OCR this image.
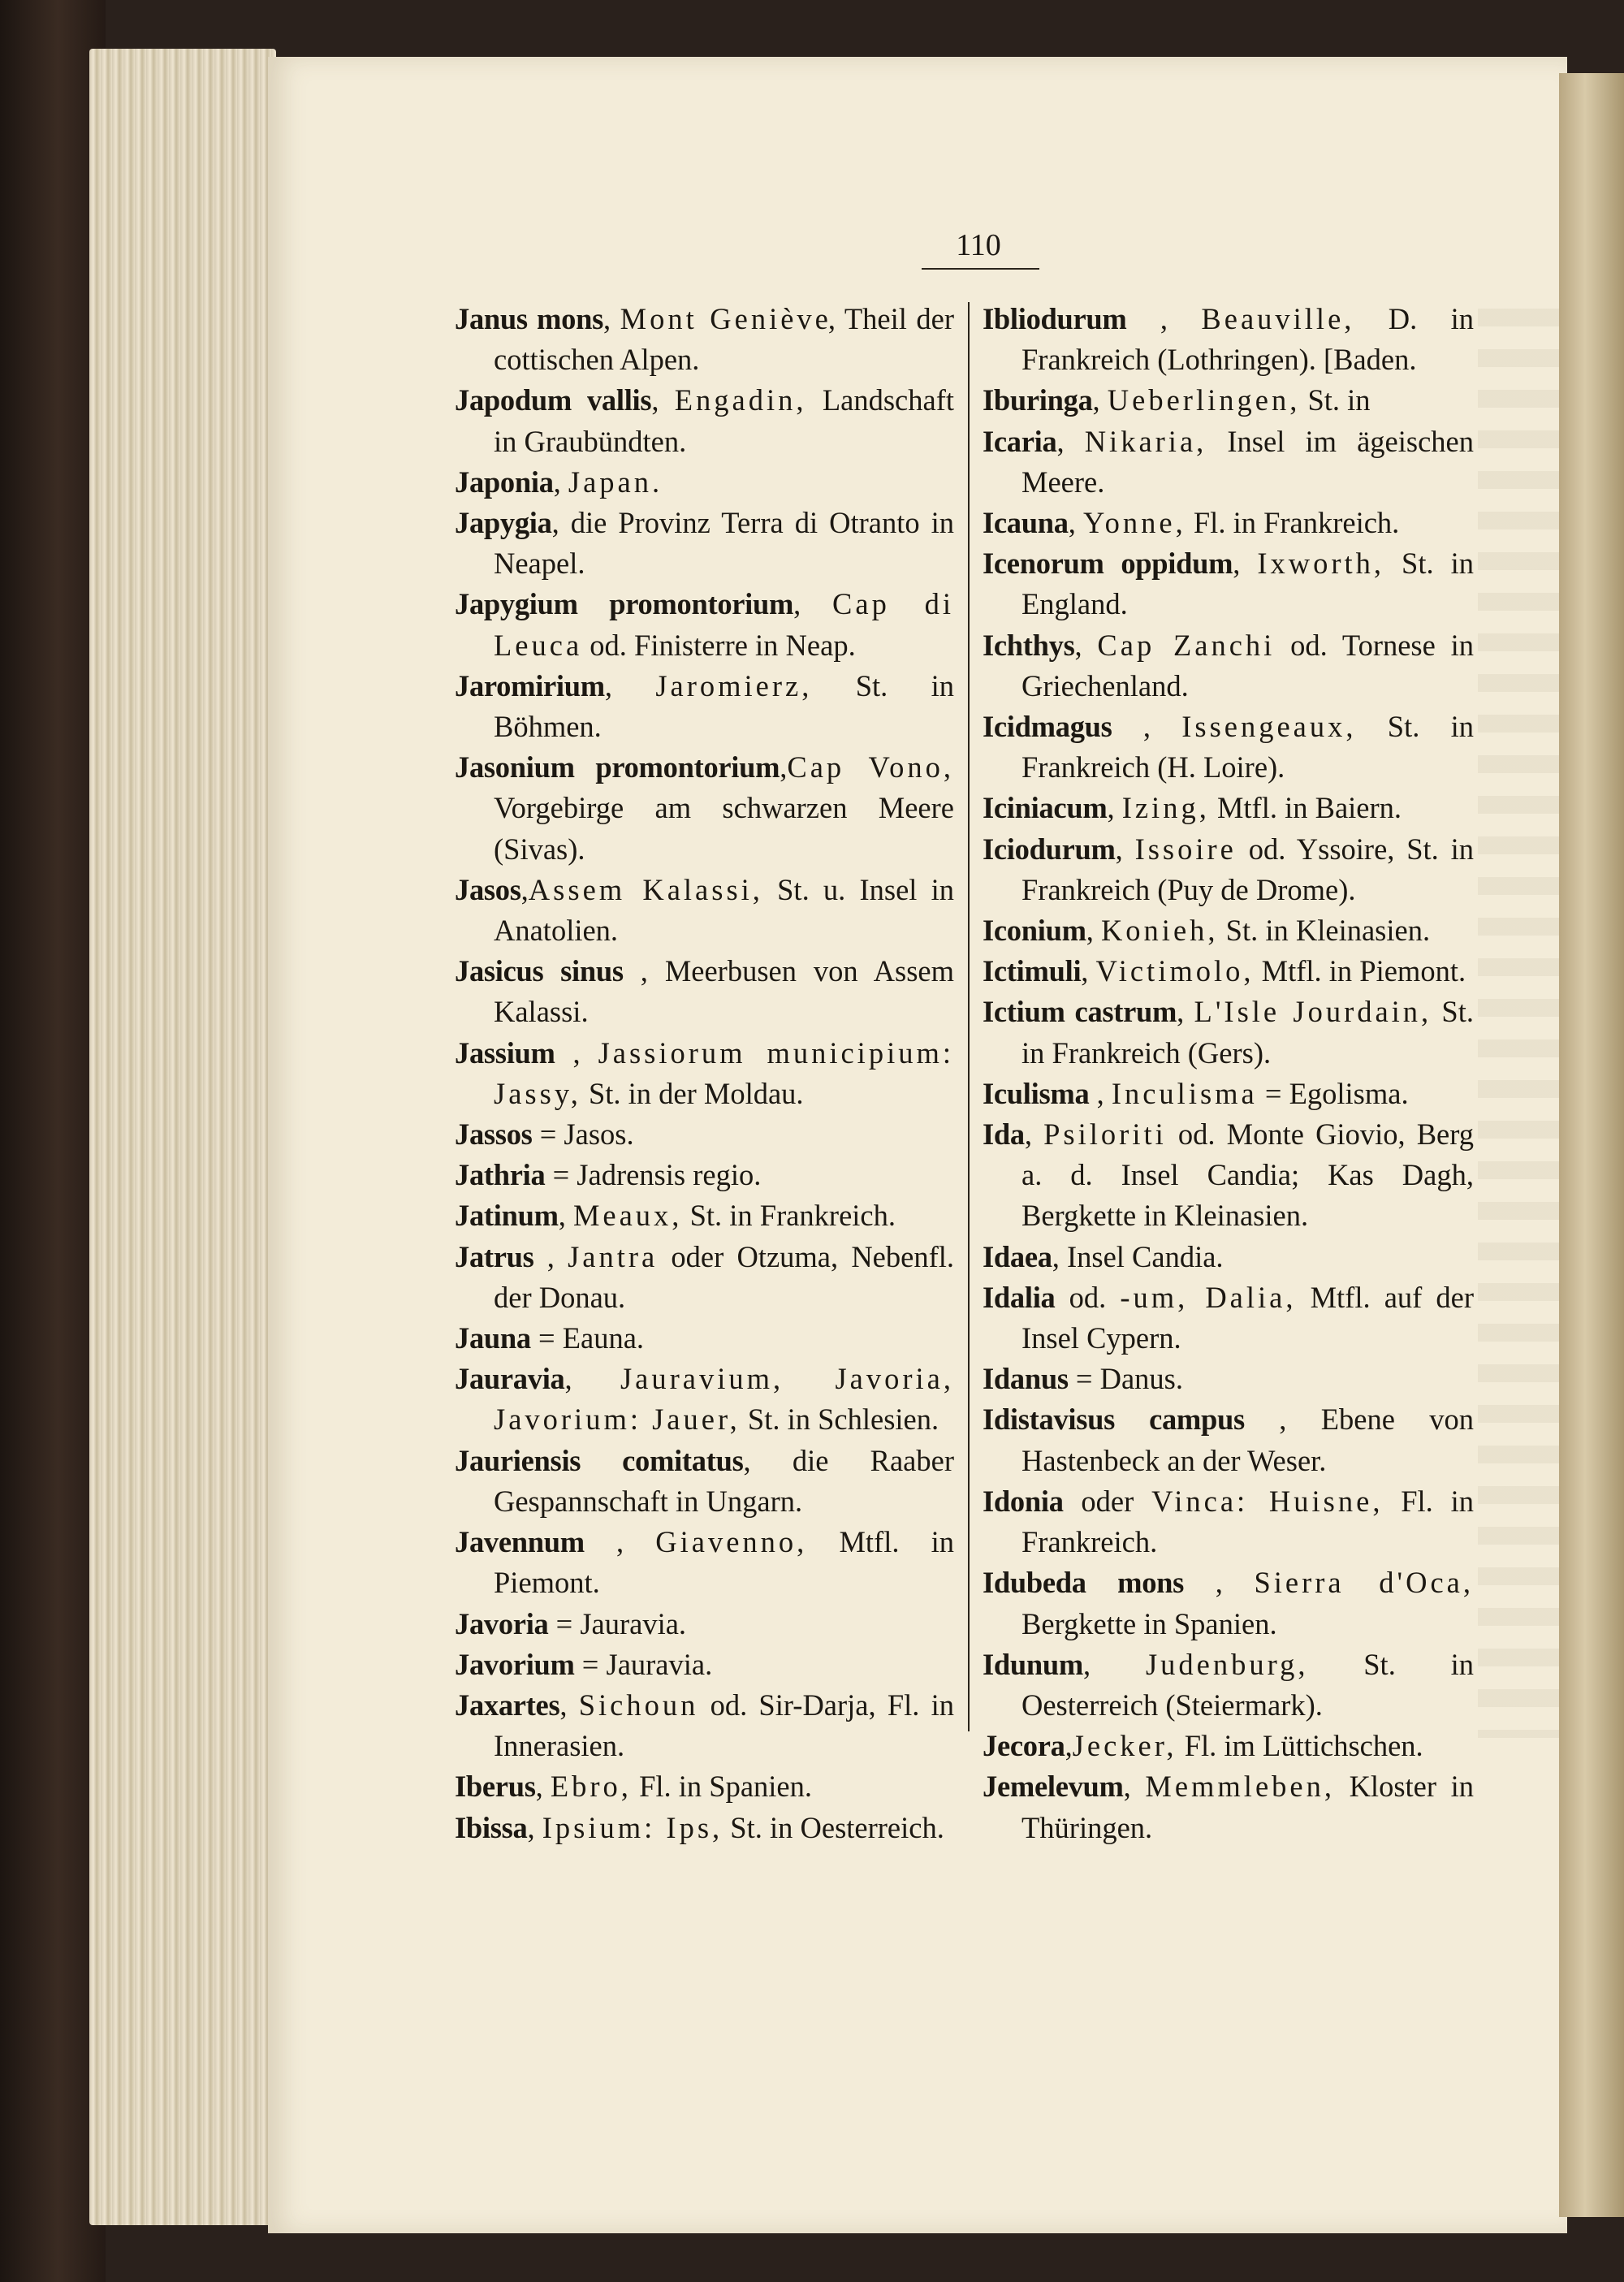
110
Janus mons, Mont Geniève, Theil der cottischen Alpen.
Japodum vallis, Engadin, Landschaft in Graubündten.
Japonia, Japan.
Japygia, die Provinz Terra di Otranto in Neapel.
Japygium promontorium, Cap di Leuca od. Finisterre in Neap.
Jaromirium, Jaromierz, St. in Böhmen.
Jasonium promontorium,Cap Vono, Vorgebirge am schwarzen Meere (Sivas).
Jasos,Assem Kalassi, St. u. Insel in Anatolien.
Jasicus sinus , Meerbusen von Assem Kalassi.
Jassium , Jassiorum municipium: Jassy, St. in der Moldau.
Jassos = Jasos.
Jathria = Jadrensis regio.
Jatinum, Meaux, St. in Frankreich.
Jatrus , Jantra oder Otzuma, Nebenfl. der Donau.
Jauna = Eauna.
Jauravia, Jauravium, Javoria, Javorium: Jauer, St. in Schlesien.
Jauriensis comitatus, die Raaber Gespannschaft in Ungarn.
Javennum , Giavenno, Mtfl. in Piemont.
Javoria = Jauravia.
Javorium = Jauravia.
Jaxartes, Sichoun od. Sir-Darja, Fl. in Innerasien.
Iberus, Ebro, Fl. in Spanien.
Ibissa, Ipsium: Ips, St. in Oesterreich.
Ibliodurum , Beauville, D. in Frankreich (Lothringen). [Baden.
Iburinga, Ueberlingen, St. in
Icaria, Nikaria, Insel im ägeischen Meere.
Icauna, Yonne, Fl. in Frankreich.
Icenorum oppidum, Ixworth, St. in England.
Ichthys, Cap Zanchi od. Tornese in Griechenland.
Icidmagus , Issengeaux, St. in Frankreich (H. Loire).
Iciniacum, Izing, Mtfl. in Baiern.
Iciodurum, Issoire od. Yssoire, St. in Frankreich (Puy de Drome).
Iconium, Konieh, St. in Kleinasien.
Ictimuli, Victimolo, Mtfl. in Piemont.
Ictium castrum, L'Isle Jourdain, St. in Frankreich (Gers).
Iculisma , Inculisma = Egolisma.
Ida, Psiloriti od. Monte Giovio, Berg a. d. Insel Candia; Kas Dagh, Bergkette in Kleinasien.
Idaea, Insel Candia.
Idalia od. -um, Dalia, Mtfl. auf der Insel Cypern.
Idanus = Danus.
Idistavisus campus , Ebene von Hastenbeck an der Weser.
Idonia oder Vinca: Huisne, Fl. in Frankreich.
Idubeda mons , Sierra d'Oca, Bergkette in Spanien.
Idunum, Judenburg, St. in Oesterreich (Steiermark).
Jecora,Jecker, Fl. im Lüttichschen.
Jemelevum, Memmleben, Kloster in Thüringen.
